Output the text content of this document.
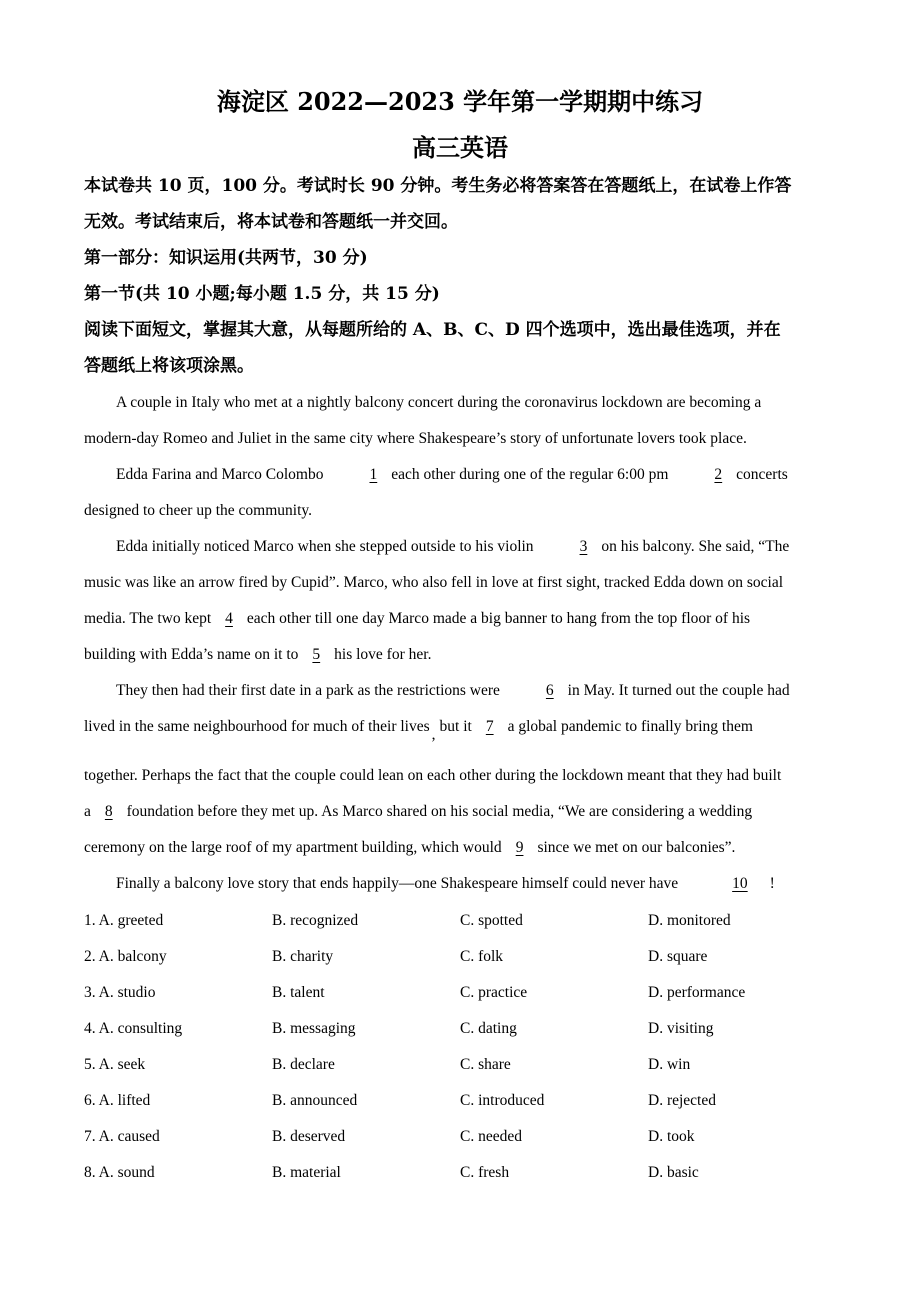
海淀区 2022—2023 学年第一学期期中练习
高三英语
本试卷共 10 页，100 分。考试时长 90 分钟。考生务必将答案答在答题纸上，在试卷上作答
无效。考试结束后，将本试卷和答题纸一并交回。
第一部分：知识运用(共两节，30 分)
第一节(共 10 小题;每小题 1.5 分，共 15 分)
阅读下面短文，掌握其大意，从每题所给的 A、B、C、D 四个选项中，选出最佳选项，并在
答题纸上将该项涂黑。
A couple in Italy who met at a nightly balcony concert during the coronavirus lockdown are becoming a
modern-day Romeo and Juliet in the same city where Shakespeare’s story of unfortunate lovers took place.
Edda Farina and Marco Colombo	1 each other during one of the regular 6:00 pm	2 concerts
designed to cheer up the community.
Edda initially noticed Marco when she stepped outside to his violin	3 on his balcony. She said, “The
music was like an arrow fired by Cupid”. Marco, who also fell in love at first sight, tracked Edda down on social
media. The two kept 4 each other till one day Marco made a big banner to hang from the top floor of his
building with Edda’s name on it to 5 his love for her.
They then had their first date in a park as the restrictions were	6 in May. It turned out the couple had
lived in the same neighbourhood for much of their lives , but it 7 a global pandemic to finally bring them
together. Perhaps the fact that the couple could lean on each other during the lockdown meant that they had built
a 8 foundation before they met up. As Marco shared on his social media, “We are considering a wedding
ceremony on the large roof of my apartment building, which would 9 since we met on our balconies”.
Finally a balcony love story that ends happily—one Shakespeare himself could never have	10 !
1. A. greeted	B. recognized	C. spotted	D. monitored
2. A. balcony	B. charity	C. folk	D. square
3. A. studio	B. talent	C. practice	D. performance
4. A. consulting	B. messaging	C. dating	D. visiting
5. A. seek	B. declare	C. share	D. win
6. A. lifted	B. announced	C. introduced	D. rejected
7. A. caused	B. deserved	C. needed	D. took
8. A. sound	B. material	C. fresh	D. basic
